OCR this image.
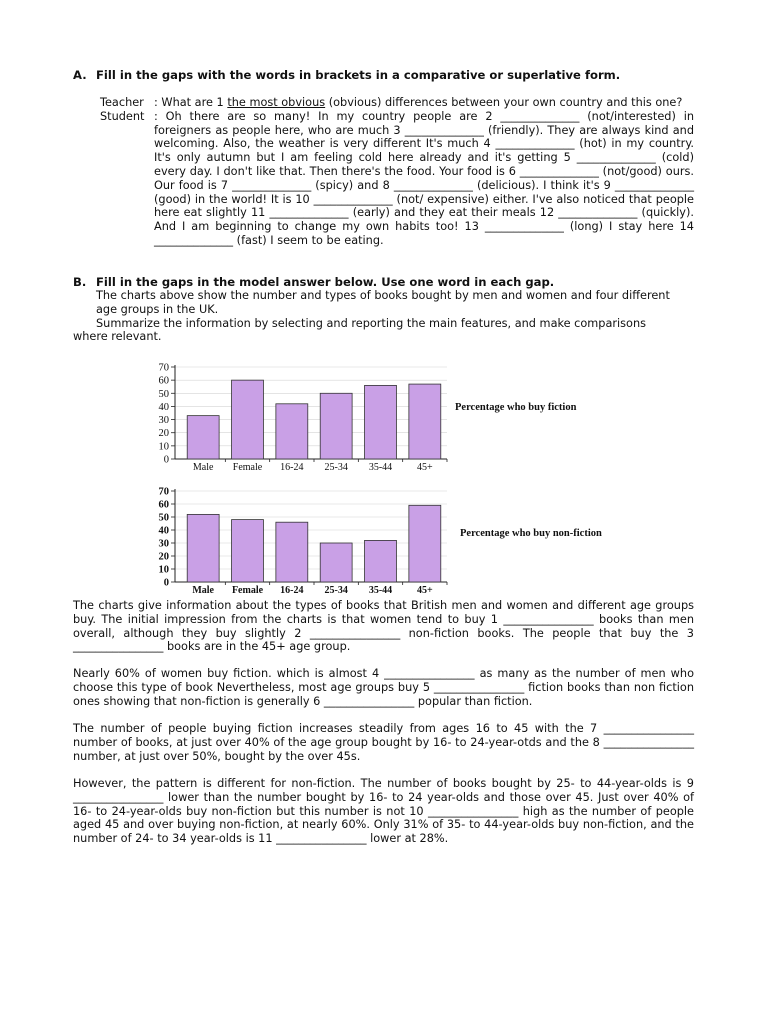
A. Fill in the gaps with the words in brackets in a comparative or superlative form.
Teacher : What are 1 the most obvious (obvious) differences between your own country and this one?
Student : Oh there are so many! In my country people are 2 ______________ (not/interested) in foreigners as people here, who are much 3 ______________ (friendly). They are always kind and welcoming. Also, the weather is very different It's much 4 ______________ (hot) in my country. It's only autumn but I am feeling cold here already and it's getting 5 ______________ (cold) every day. I don't like that. Then there's the food. Your food is 6 ______________ (not/good) ours. Our food is 7 ______________ (spicy) and 8 ______________ (delicious). I think it's 9 ______________ (good) in the world! It is 10 ______________ (not/ expensive) either. I've also noticed that people here eat slightly 11 ______________ (early) and they eat their meals 12 ______________ (quickly). And I am beginning to change my own habits too! 13 ______________ (long) I stay here 14 ______________ (fast) I seem to be eating.
B. Fill in the gaps in the model answer below. Use one word in each gap.
The charts above show the number and types of books bought by men and women and four different age groups in the UK.
Summarize the information by selecting and reporting the main features, and make comparisons
where relevant.
0
10
20
30
40
50
60
70
Male Female 16-24 25-34 35-44 45+
Percentage who buy fiction
0
10
20
30
40
50
60
70
Male Female 16-24 25-34 35-44 45+
Percentage who buy non-fiction
The charts give information about the types of books that British men and women and different age groups buy. The initial impression from the charts is that women tend to buy 1 ________________ books than men overall, although they buy slightly 2 ________________ non-fiction books. The people that buy the 3 ________________ books are in the 45+ age group.
Nearly 60% of women buy fiction. which is almost 4 ________________ as many as the number of men who choose this type of book Nevertheless, most age groups buy 5 ________________ fiction books than non fiction ones showing that non-fiction is generally 6 ________________ popular than fiction.
The number of people buying fiction increases steadily from ages 16 to 45 with the 7 ________________ number of books, at just over 40% of the age group bought by 16- to 24-year-otds and the 8 ________________ number, at just over 50%, bought by the over 45s.
However, the pattern is different for non-fiction. The number of books bought by 25- to 44-year-olds is 9 ________________ lower than the number bought by 16- to 24 year-olds and those over 45. Just over 40% of 16- to 24-year-olds buy non-fiction but this number is not 10 ________________ high as the number of people aged 45 and over buying non-fiction, at nearly 60%. Only 31% of 35- to 44-year-olds buy non-fiction, and the number of 24- to 34 year-olds is 11 ________________ lower at 28%.
